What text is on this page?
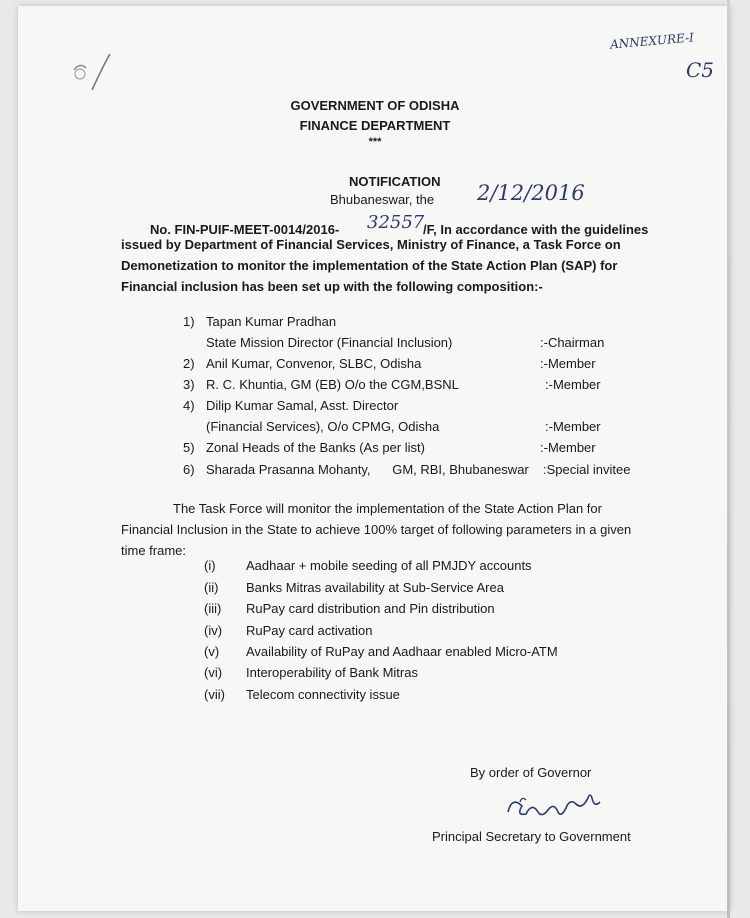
ANNEXURE-I
C5
GOVERNMENT OF ODISHA
FINANCE DEPARTMENT
***
NOTIFICATION
Bhubaneswar, the 2/12/2016
No. FIN-PUIF-MEET-0014/2016- 32557
/F, In accordance with the guidelines
issued by Department of Financial Services, Ministry of Finance, a Task Force on
Demonetization to monitor the implementation of the State Action Plan (SAP) for
Financial inclusion has been set up with the following composition:-
1) Tapan Kumar Pradhan
State Mission Director (Financial Inclusion)	:-Chairman
2) Anil Kumar, Convenor, SLBC, Odisha	:-Member
3) R. C. Khuntia, GM (EB) O/o the CGM,BSNL	:-Member
4) Dilip Kumar Samal, Asst. Director
(Financial Services), O/o CPMG, Odisha	:-Member
5) Zonal Heads of the Banks (As per list)	:-Member
6) Sharada Prasanna Mohanty,      GM, RBI, Bhubaneswar :Special invitee
The Task Force will monitor the implementation of the State Action Plan for
Financial Inclusion in the State to achieve 100% target of following parameters in a given
time frame:
(i) Aadhaar + mobile seeding of all PMJDY accounts
(ii) Banks Mitras availability at Sub-Service Area
(iii) RuPay card distribution and Pin distribution
(iv) RuPay card activation
(v) Availability of RuPay and Aadhaar enabled Micro-ATM
(vi) Interoperability of Bank Mitras
(vii) Telecom connectivity issue
By order of Governor
Principal Secretary to Government
